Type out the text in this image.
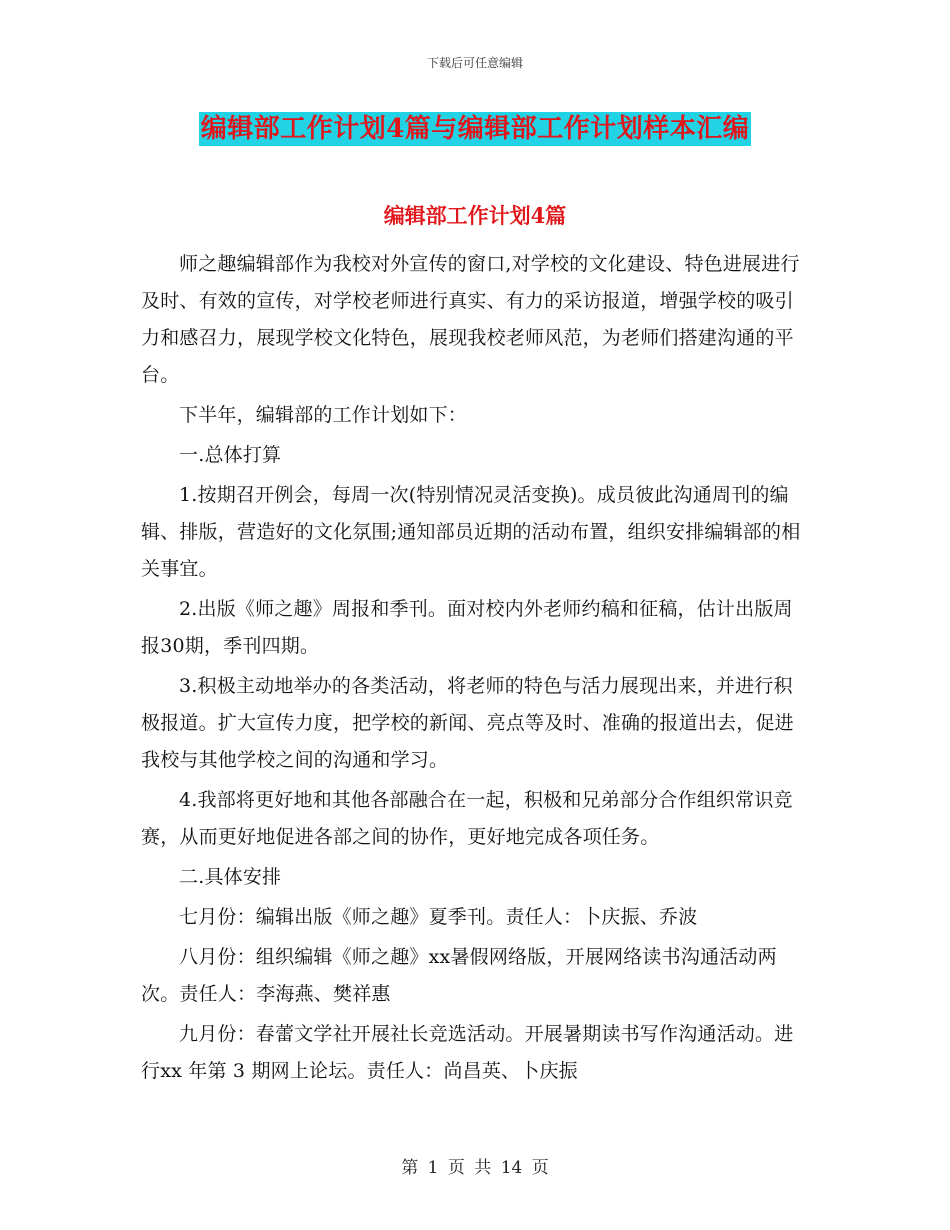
下载后可任意编辑
编辑部工作计划4篇与编辑部工作计划样本汇编
编辑部工作计划4篇

师之趣编辑部作为我校对外宣传的窗口,对学校的文化建设、特色进展进行及时、有效的宣传，对学校老师进行真实、有力的采访报道，增强学校的吸引力和感召力，展现学校文化特色，展现我校老师风范，为老师们搭建沟通的平台。

下半年，编辑部的工作计划如下：

一.总体打算

1.按期召开例会，每周一次(特别情况灵活变换)。成员彼此沟通周刊的编辑、排版，营造好的文化氛围;通知部员近期的活动布置，组织安排编辑部的相关事宜。

2.出版《师之趣》周报和季刊。面对校内外老师约稿和征稿，估计出版周报30期，季刊四期。

3.积极主动地举办的各类活动，将老师的特色与活力展现出来，并进行积极报道。扩大宣传力度，把学校的新闻、亮点等及时、准确的报道出去，促进我校与其他学校之间的沟通和学习。

4.我部将更好地和其他各部融合在一起，积极和兄弟部分合作组织常识竞赛，从而更好地促进各部之间的协作，更好地完成各项任务。

二.具体安排

七月份：编辑出版《师之趣》夏季刊。责任人：卜庆振、乔波

八月份：组织编辑《师之趣》xx暑假网络版，开展网络读书沟通活动两次。责任人：李海燕、樊祥惠

九月份：春蕾文学社开展社长竞选活动。开展暑期读书写作沟通活动。进行xx 年第 3 期网上论坛。责任人：尚昌英、卜庆振

第 1 页 共 14 页
